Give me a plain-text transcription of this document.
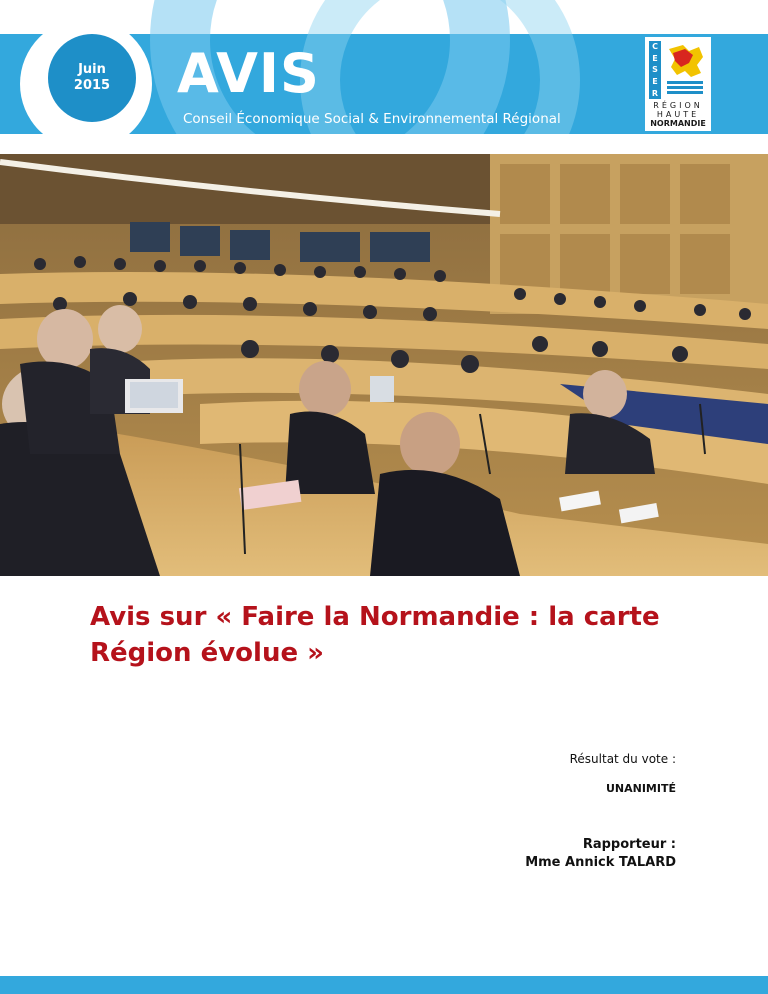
Juin
2015 AVIS
Conseil Économique Social & Environnemental Régional
C
E
S
E
R
RÉGION
HAUTE
NORMANDIE
Avis sur « Faire la Normandie : la carte Région évolue »
Résultat du vote :
UNANIMITÉ
Rapporteur :
Mme Annick TALARD
